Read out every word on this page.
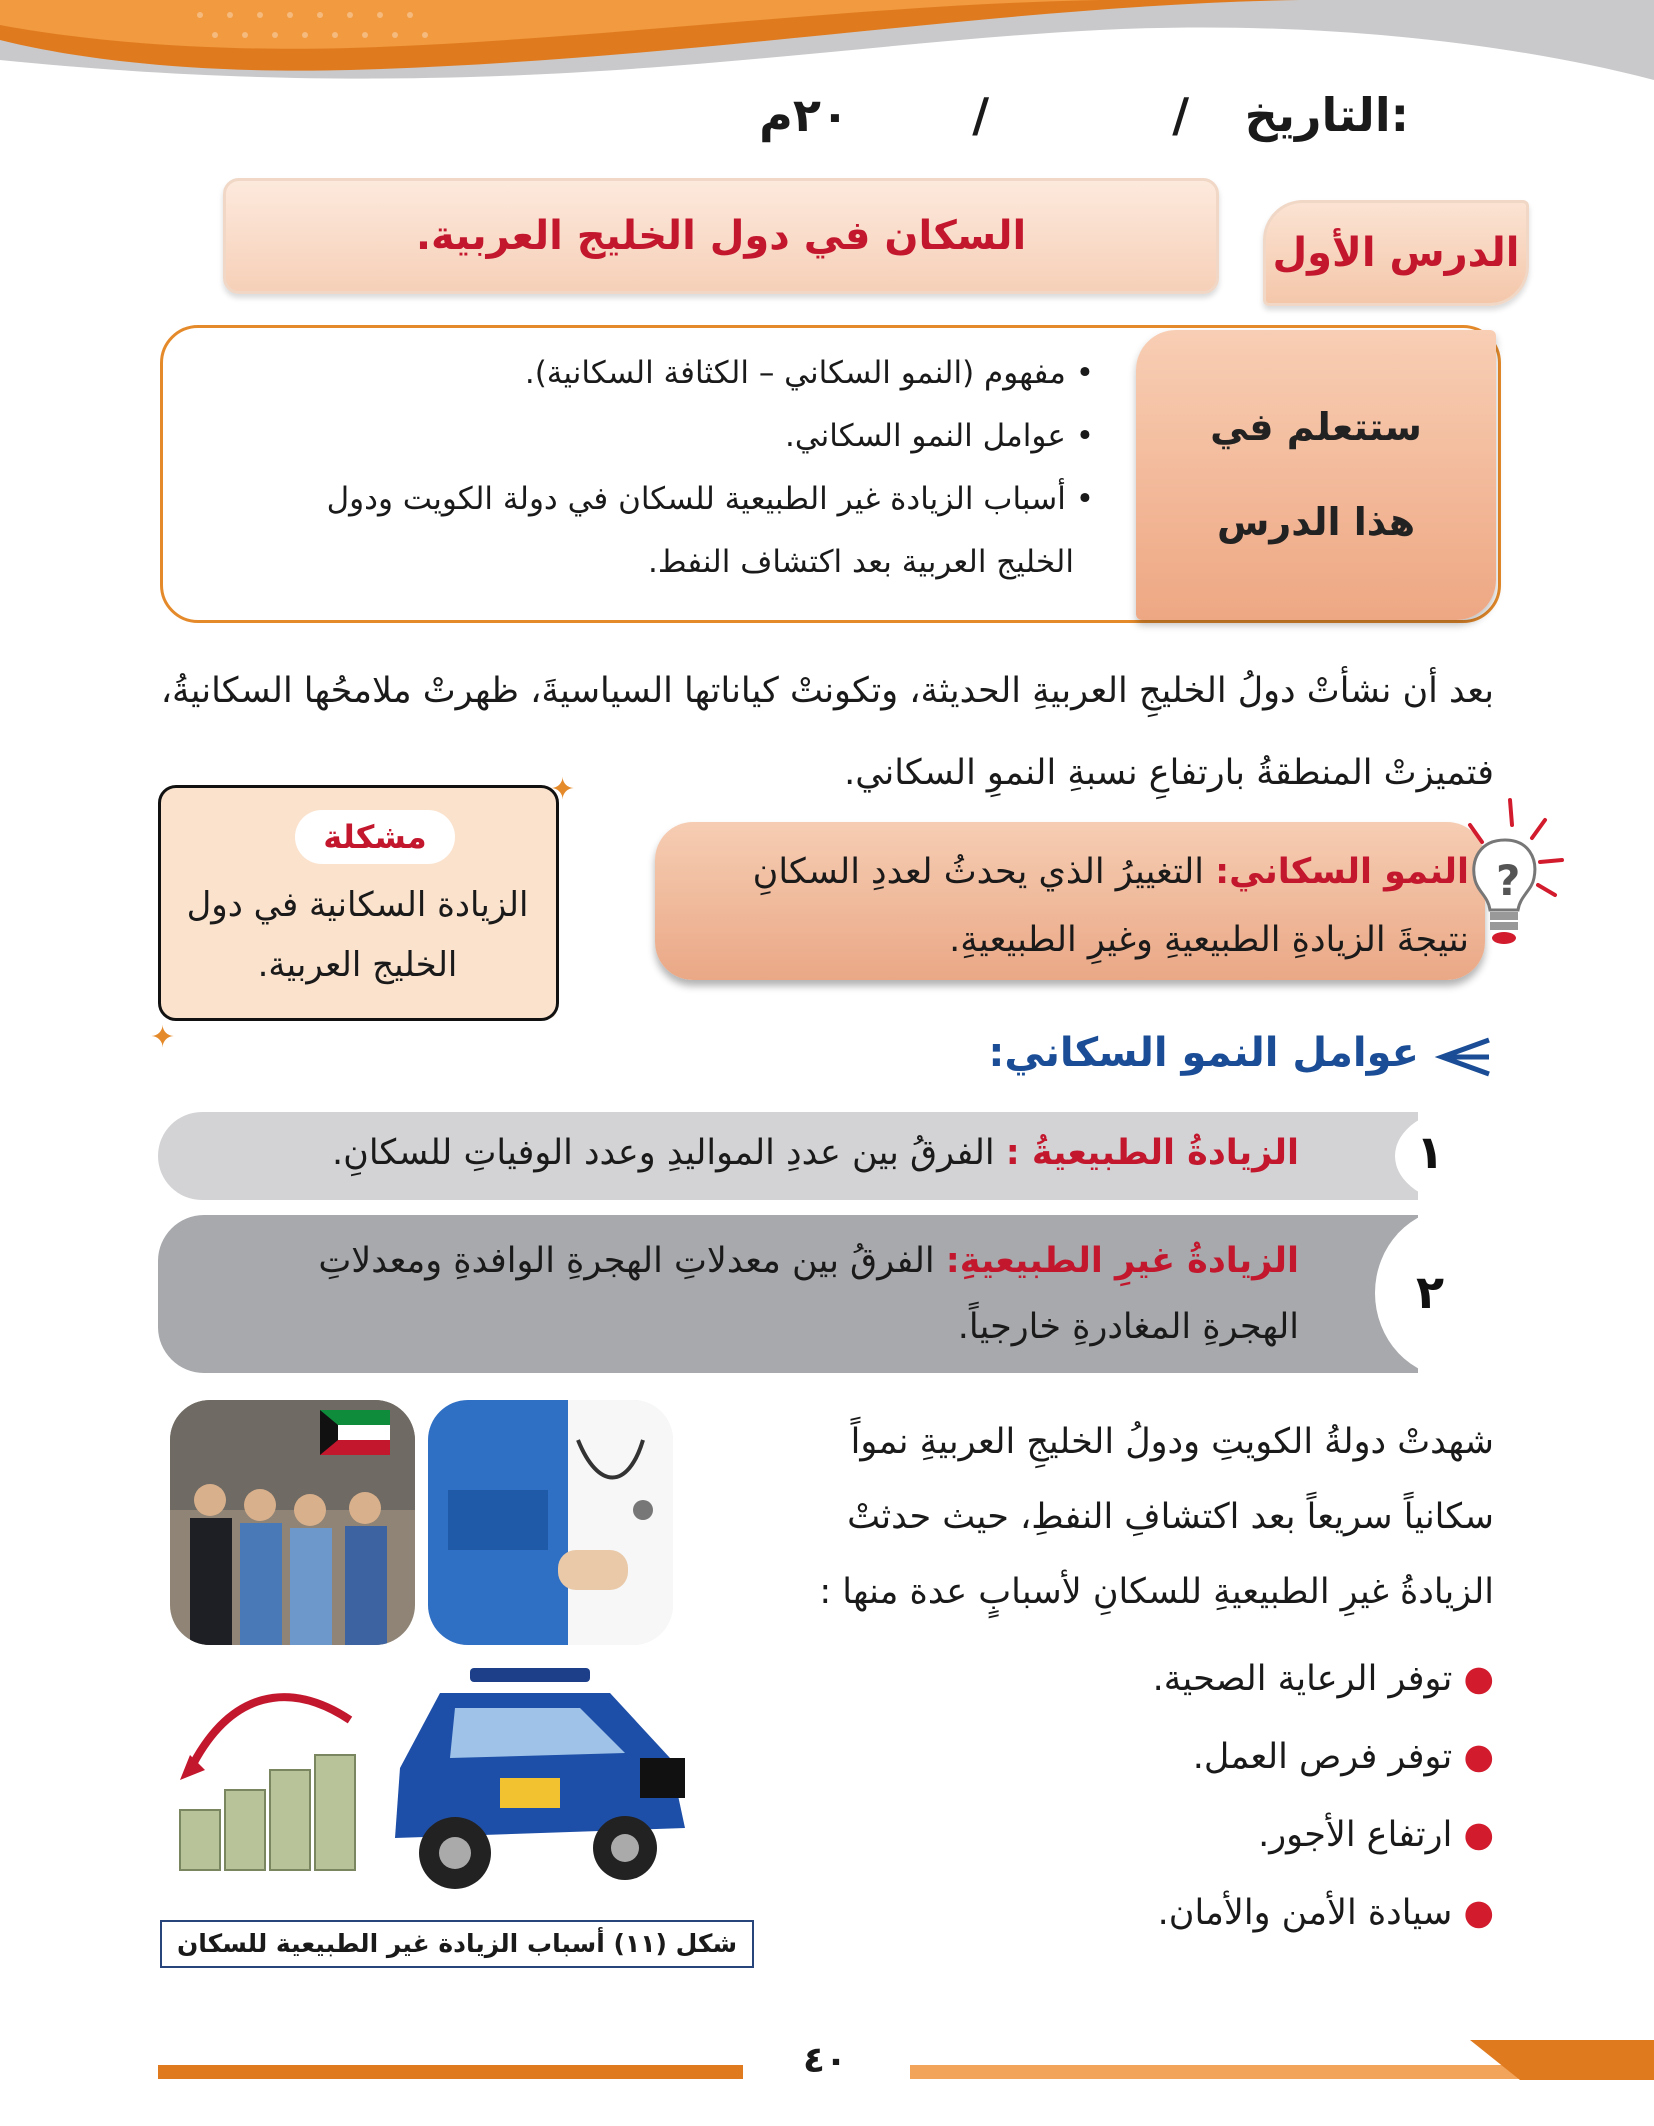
التاريخ:
/
/
٢٠م
السكان في دول الخليج العربية.	الدرس الأول
ستتعلم في
هذا الدرس
• مفهوم (النمو السكاني – الكثافة السكانية).
• عوامل النمو السكاني.
• أسباب الزيادة غير الطبيعية للسكان في دولة الكويت ودول
الخليج العربية بعد اكتشاف النفط.
بعد أن نشأتْ دولُ الخليجِ العربيةِ الحديثة، وتكونتْ كياناتها السياسيةَ، ظهرتْ ملامحُها السكانيةُ،
فتميزتْ المنطقةُ بارتفاعِ نسبةِ النموِ السكاني.
✦
✦
مشكلة
الزيادة السكانية في دول الخليج العربية.
?
النمو السكاني: التغييرُ الذي يحدثُ لعددِ السكانِ
نتيجةَ الزيادةِ الطبيعيةِ وغيرِ الطبيعيةِ.
عوامل النمو السكاني:
١
٢
الزيادةُ الطبيعيةُ : الفرقُ بين عددِ المواليدِ وعدد الوفياتِ للسكانِ.
الزيادةُ غيرِ الطبيعيةِ: الفرقُ بين معدلاتِ الهجرةِ الوافدةِ ومعدلاتِ
الهجرةِ المغادرةِ خارجياً.
شكل (١١) أسباب الزيادة غير الطبيعية للسكان
شهدتْ دولةُ الكويتِ ودولُ الخليجِ العربيةِ نمواً
سكانياً سريعاً بعد اكتشافِ النفطِ، حيث حدثتْ
الزيادةُ غيرِ الطبيعيةِ للسكانِ لأسبابٍ عدة منها :
● توفر الرعاية الصحية.
● توفر فرص العمل.
● ارتفاع الأجور.
● سيادة الأمن والأمان.
٤٠
